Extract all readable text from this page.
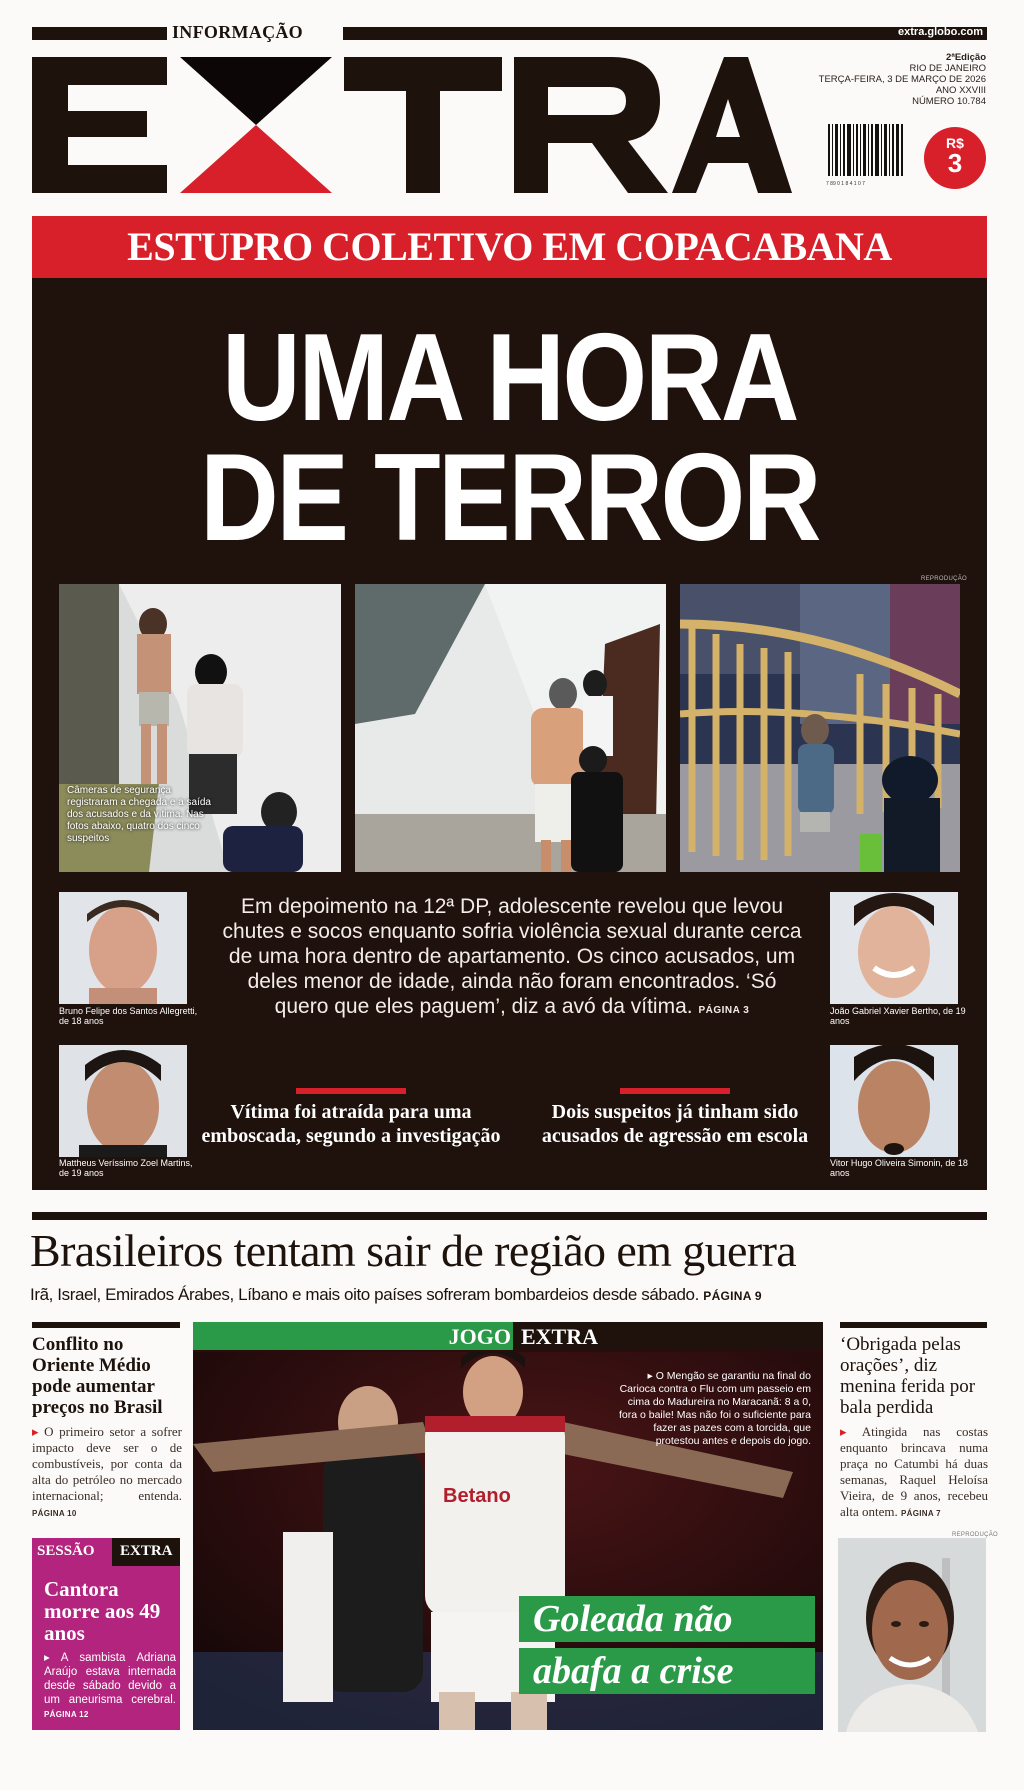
INFORMAÇÃO	extra.globo.com
2ªEdição
RIO DE JANEIRO
TERÇA-FEIRA, 3 DE MARÇO DE 2026
ANO XXVIII
NÚMERO 10.784
7 89 0 1 8 4 1 0 7
R$
3
ESTUPRO COLETIVO EM COPACABANA
UMA HORA
DE TERROR
REPRODUÇÃO
Câmeras de segurança registraram a chegada e a saída dos acusados e da vítima. Nas fotos abaixo, quatro dos cinco suspeitos
Bruno Felipe dos Santos Allegretti, de 18 anos
Mattheus Veríssimo Zoel Martins, de 19 anos
João Gabriel Xavier Bertho, de 19 anos
Vitor Hugo Oliveira Simonin, de 18 anos
Em depoimento na 12ª DP, adolescente revelou que levou chutes e socos enquanto sofria violência sexual durante cerca de uma hora dentro de apartamento. Os cinco acusados, um deles menor de idade, ainda não foram encontrados. ‘Só quero que eles paguem’, diz a avó da vítima. PÁGINA 3
Vítima foi atraída para uma emboscada, segundo a investigação
Dois suspeitos já tinham sido acusados de agressão em escola
Brasileiros tentam sair de região em guerra
Irã, Israel, Emirados Árabes, Líbano e mais oito países sofreram bombardeios desde sábado. PÁGINA 9
Conflito no Oriente Médio pode aumentar preços no Brasil
▸ O primeiro setor a sofrer impacto deve ser o de combustíveis, por conta da alta do petróleo no mercado internacional; entenda. PÁGINA 10
SESSÃO EXTRA
Cantora morre aos 49 anos
▸ A sambista Adriana Araújo estava internada desde sábado devido a um aneurisma cerebral. PÁGINA 12
JOGO EXTRA
Betano
▸ O Mengão se garantiu na final do Carioca contra o Flu com um passeio em cima do Madureira no Maracanã: 8 a 0, fora o baile! Mas não foi o suficiente para fazer as pazes com a torcida, que protestou antes e depois do jogo.
Goleada não
abafa a crise
‘Obrigada pelas orações’, diz menina ferida por bala perdida
▸ Atingida nas costas enquanto brincava numa praça no Catumbi há duas semanas, Raquel Heloísa Vieira, de 9 anos, recebeu alta ontem. PÁGINA 7
REPRODUÇÃO
